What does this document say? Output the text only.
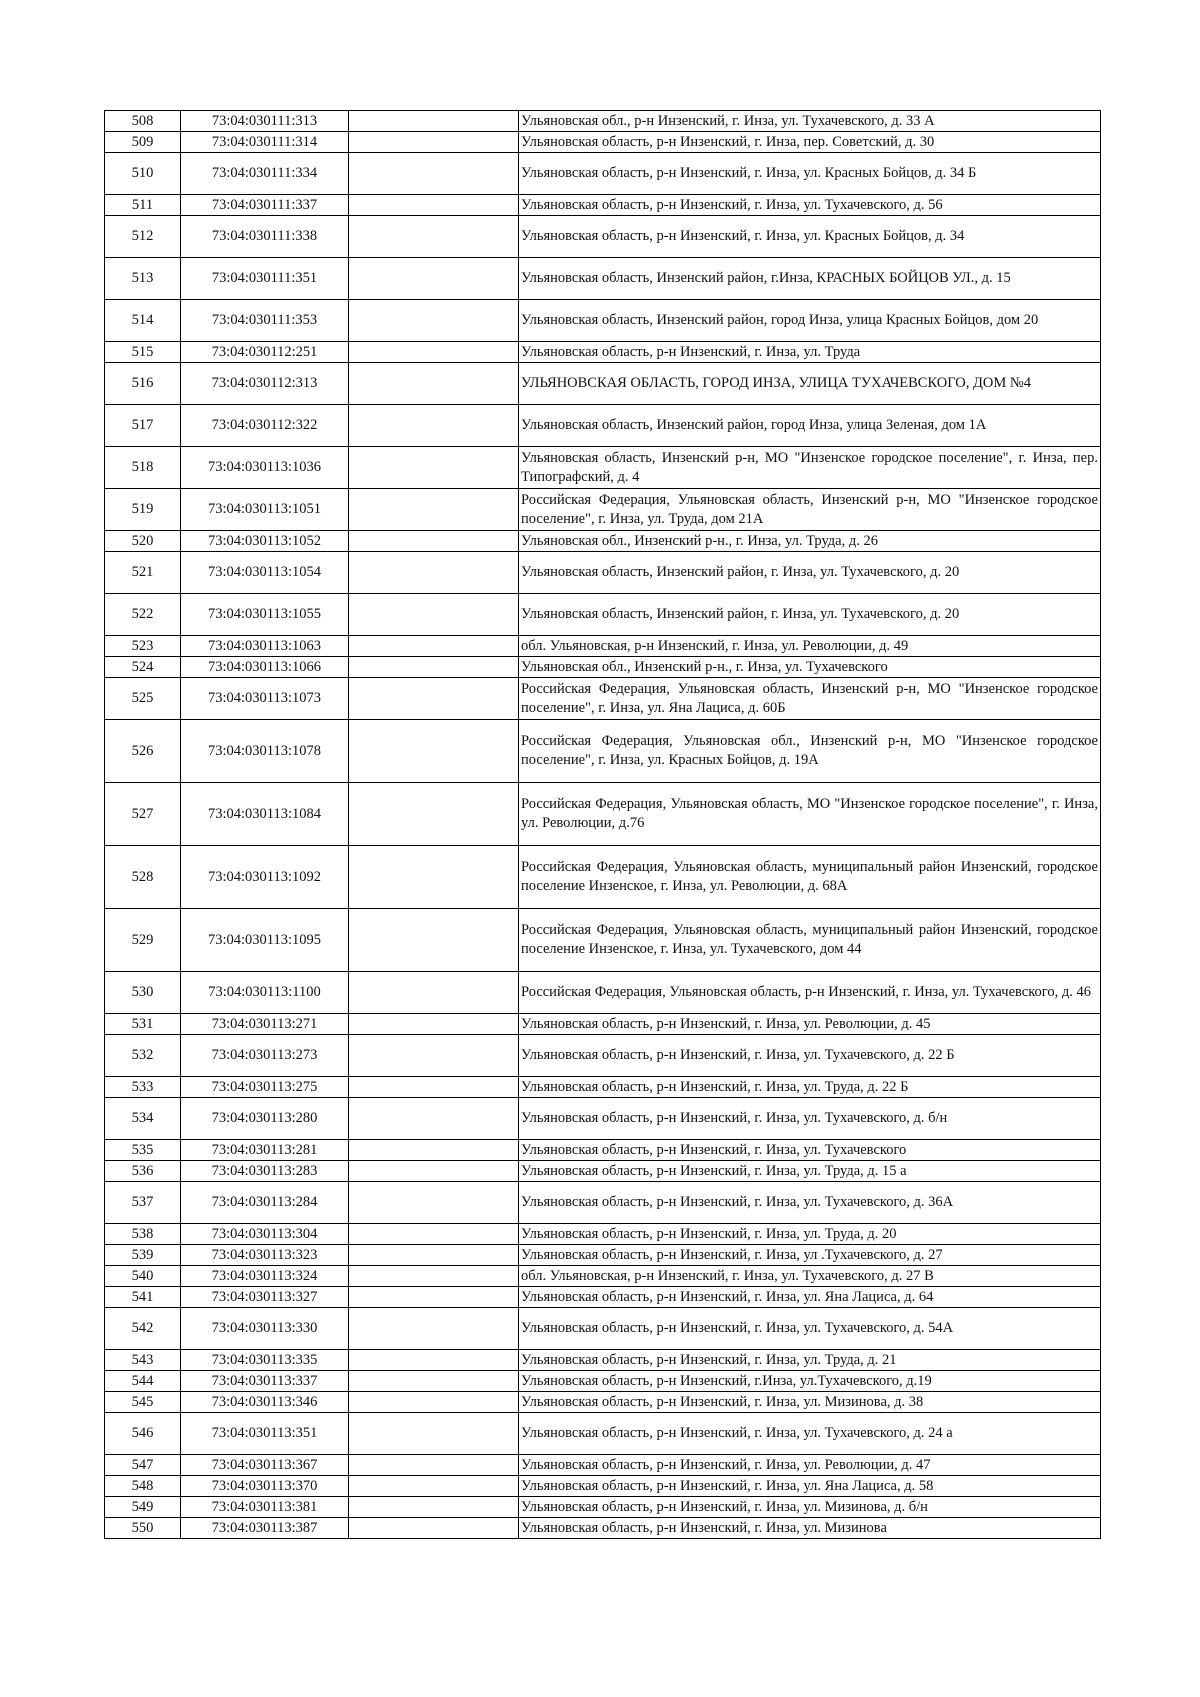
508	73:04:030111:313		Ульяновская обл., р-н Инзенский, г. Инза, ул. Тухачевского, д. 33 А
509	73:04:030111:314		Ульяновская область, р-н Инзенский, г. Инза, пер. Советский, д. 30
510	73:04:030111:334		Ульяновская область, р-н Инзенский, г. Инза, ул. Красных Бойцов, д. 34 Б
511	73:04:030111:337		Ульяновская область, р-н Инзенский, г. Инза, ул. Тухачевского, д. 56
512	73:04:030111:338		Ульяновская область, р-н Инзенский, г. Инза, ул. Красных Бойцов, д. 34
513	73:04:030111:351		Ульяновская область, Инзенский район, г.Инза, КРАСНЫХ БОЙЦОВ УЛ., д. 15
514	73:04:030111:353		Ульяновская область, Инзенский район, город Инза, улица Красных Бойцов, дом 20
515	73:04:030112:251		Ульяновская область, р-н Инзенский, г. Инза, ул. Труда
516	73:04:030112:313		УЛЬЯНОВСКАЯ ОБЛАСТЬ, ГОРОД ИНЗА, УЛИЦА ТУХАЧЕВСКОГО, ДОМ №4
517	73:04:030112:322		Ульяновская область, Инзенский район, город Инза, улица Зеленая, дом 1А
518	73:04:030113:1036		Ульяновская область, Инзенский р-н, МО "Инзенское городское поселение", г. Инза, пер. Типографский, д. 4
519	73:04:030113:1051		Российская Федерация, Ульяновская область, Инзенский р-н, МО "Инзенское городское поселение", г. Инза, ул. Труда, дом 21А
520	73:04:030113:1052		Ульяновская обл., Инзенский р-н., г. Инза, ул. Труда, д. 26
521	73:04:030113:1054		Ульяновская область, Инзенский район, г. Инза, ул. Тухачевского, д. 20
522	73:04:030113:1055		Ульяновская область, Инзенский район, г. Инза, ул. Тухачевского, д. 20
523	73:04:030113:1063		обл. Ульяновская, р-н Инзенский, г. Инза, ул. Революции, д. 49
524	73:04:030113:1066		Ульяновская обл., Инзенский р-н., г. Инза, ул. Тухачевского
525	73:04:030113:1073		Российская Федерация, Ульяновская область, Инзенский р-н, МО "Инзенское городское поселение", г. Инза, ул. Яна Лациса, д. 60Б
526	73:04:030113:1078		Российская Федерация, Ульяновская обл., Инзенский р-н, МО "Инзенское городское поселение", г. Инза, ул. Красных Бойцов, д. 19А
527	73:04:030113:1084		Российская Федерация, Ульяновская область, МО "Инзенское городское поселение", г. Инза, ул. Революции, д.76
528	73:04:030113:1092		Российская Федерация, Ульяновская область, муниципальный район Инзенский, городское поселение Инзенское, г. Инза, ул. Революции, д. 68А
529	73:04:030113:1095		Российская Федерация, Ульяновская область, муниципальный район Инзенский, городское поселение Инзенское, г. Инза, ул. Тухачевского, дом 44
530	73:04:030113:1100		Российская Федерация, Ульяновская область, р-н Инзенский, г. Инза, ул. Тухачевского, д. 46
531	73:04:030113:271		Ульяновская область, р-н Инзенский, г. Инза, ул. Революции, д. 45
532	73:04:030113:273		Ульяновская область, р-н Инзенский, г. Инза, ул. Тухачевского, д. 22 Б
533	73:04:030113:275		Ульяновская область, р-н Инзенский, г. Инза, ул. Труда, д. 22 Б
534	73:04:030113:280		Ульяновская область, р-н Инзенский, г. Инза, ул. Тухачевского, д. б/н
535	73:04:030113:281		Ульяновская область, р-н Инзенский, г. Инза, ул. Тухачевского
536	73:04:030113:283		Ульяновская область, р-н Инзенский, г. Инза, ул. Труда, д. 15 а
537	73:04:030113:284		Ульяновская область, р-н Инзенский, г. Инза, ул. Тухачевского, д. 36А
538	73:04:030113:304		Ульяновская область, р-н Инзенский, г. Инза, ул. Труда, д. 20
539	73:04:030113:323		Ульяновская область, р-н Инзенский, г. Инза, ул .Тухачевского, д. 27
540	73:04:030113:324		обл. Ульяновская, р-н Инзенский, г. Инза, ул. Тухачевского, д. 27 В
541	73:04:030113:327		Ульяновская область, р-н Инзенский, г. Инза, ул. Яна Лациса, д. 64
542	73:04:030113:330		Ульяновская область, р-н Инзенский, г. Инза, ул. Тухачевского, д. 54А
543	73:04:030113:335		Ульяновская область, р-н Инзенский, г. Инза, ул. Труда, д. 21
544	73:04:030113:337		Ульяновская область, р-н Инзенский, г.Инза, ул.Тухачевского, д.19
545	73:04:030113:346		Ульяновская область, р-н Инзенский, г. Инза, ул. Мизинова, д. 38
546	73:04:030113:351		Ульяновская область, р-н Инзенский, г. Инза, ул. Тухачевского, д. 24 а
547	73:04:030113:367		Ульяновская область, р-н Инзенский, г. Инза, ул. Революции, д. 47
548	73:04:030113:370		Ульяновская область, р-н Инзенский, г. Инза, ул. Яна Лациса, д. 58
549	73:04:030113:381		Ульяновская область, р-н Инзенский, г. Инза, ул. Мизинова, д. б/н
550	73:04:030113:387		Ульяновская область, р-н Инзенский, г. Инза, ул. Мизинова
